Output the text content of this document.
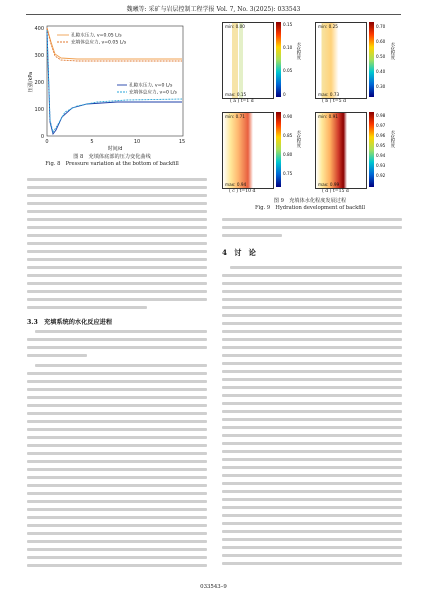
魏曦等: 采矿与岩层控制工程学报 Vol. 7, No. 3(2025): 033543
400
300
200
100
0
0	5	10	15
时间/d
压强/kPa
孔隙水压力, v=0.05 L/s
充填体总应力, v=0.05 L/s
孔隙水压力, v=0 L/s
充填体总应力, v=0 L/s
图 8　充填体底部的压力变化曲线
Fig. 8　Pressure variation at the bottom of backfill
min: 0.00
max: 0.15
0.15
0.10
0.05
0
水化程度
( a ) t=1 d
min: 0.25
max: 0.73
0.70
0.60
0.50
0.40
0.30
水化程度
( b ) t=5 d
min: 0.71
max: 0.94
0.90
0.85
0.80
0.75
水化程度
( c ) t=10 d
min: 0.91
max: 0.99
0.98
0.97
0.96
0.95
0.94
0.93
0.92
水化程度
( d ) t=15 d
图 9　充填体水化程度发展过程
Fig. 9　Hydration development of backfill
3.3　充填系统的水化反应进程
4　讨　论
033543–9
